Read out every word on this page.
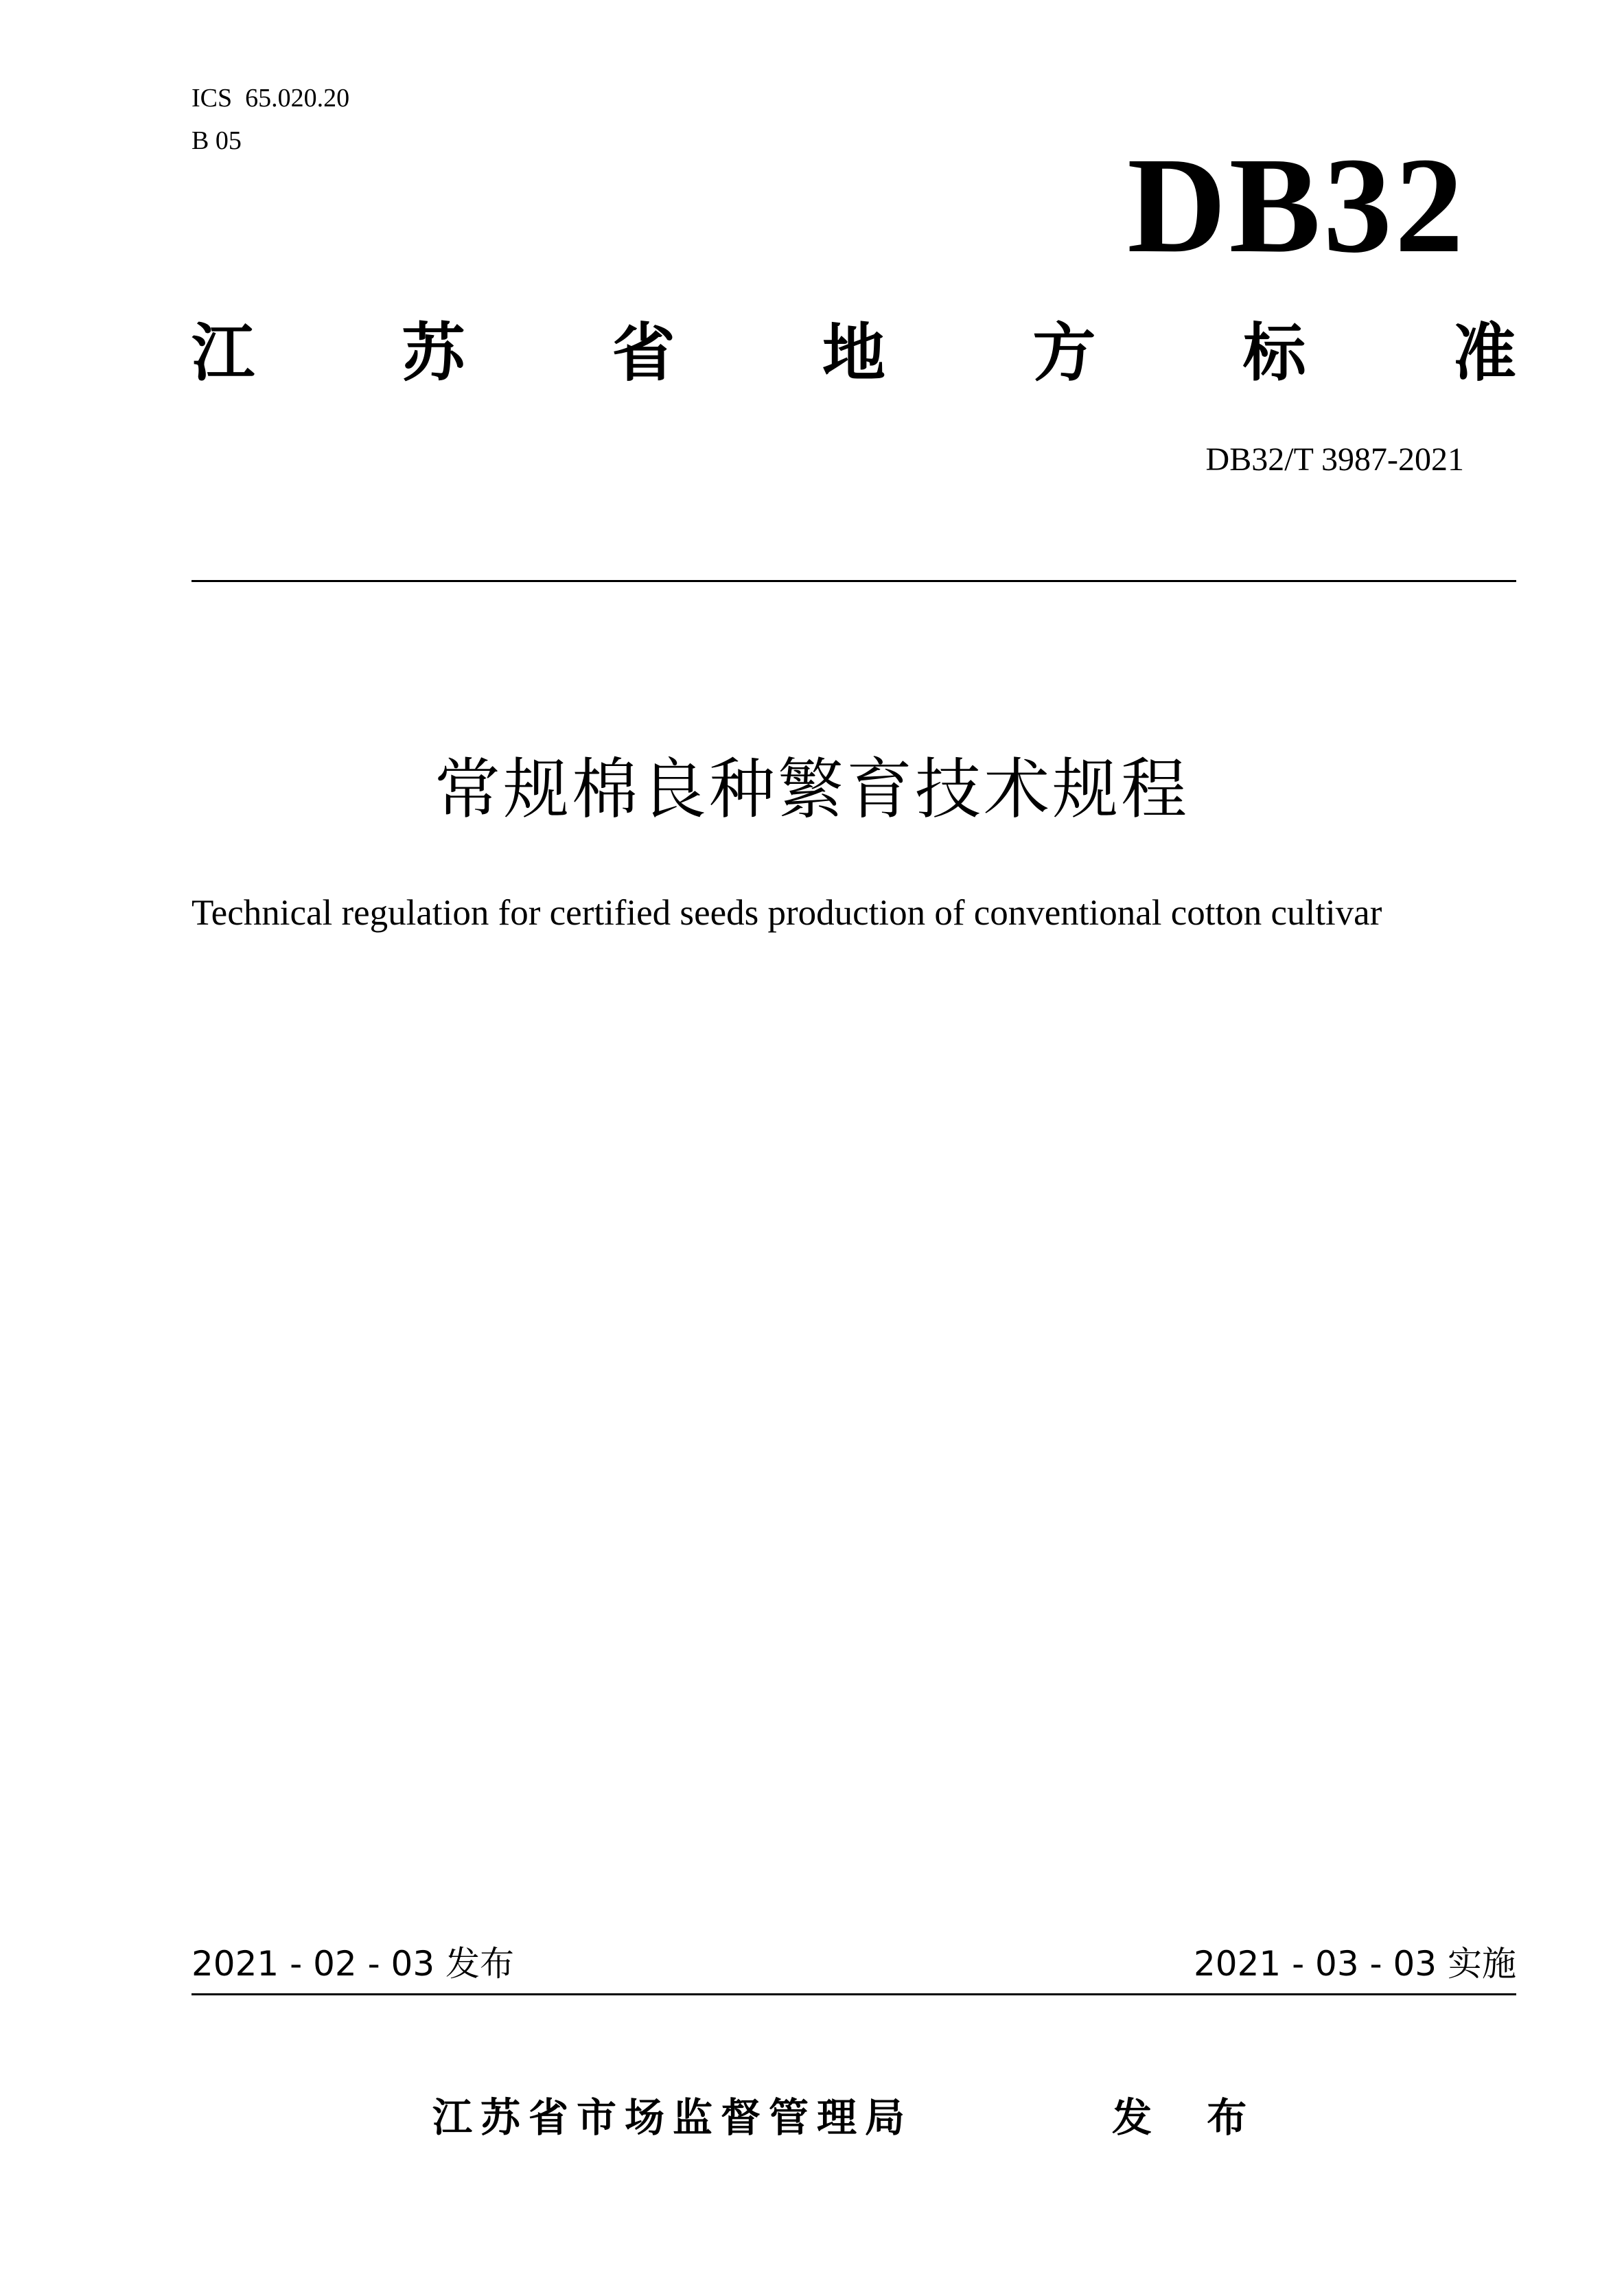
ICS  65.020.20
B 05	DB32
江 苏 省 地 方 标 准
DB32/T 3987-2021
常规棉良种繁育技术规程
Technical regulation for certified seeds production of conventional cotton cultivar
2021 - 02 - 03 发布	2021 - 03 - 03 实施
江苏省市场监督管理局	发 布
